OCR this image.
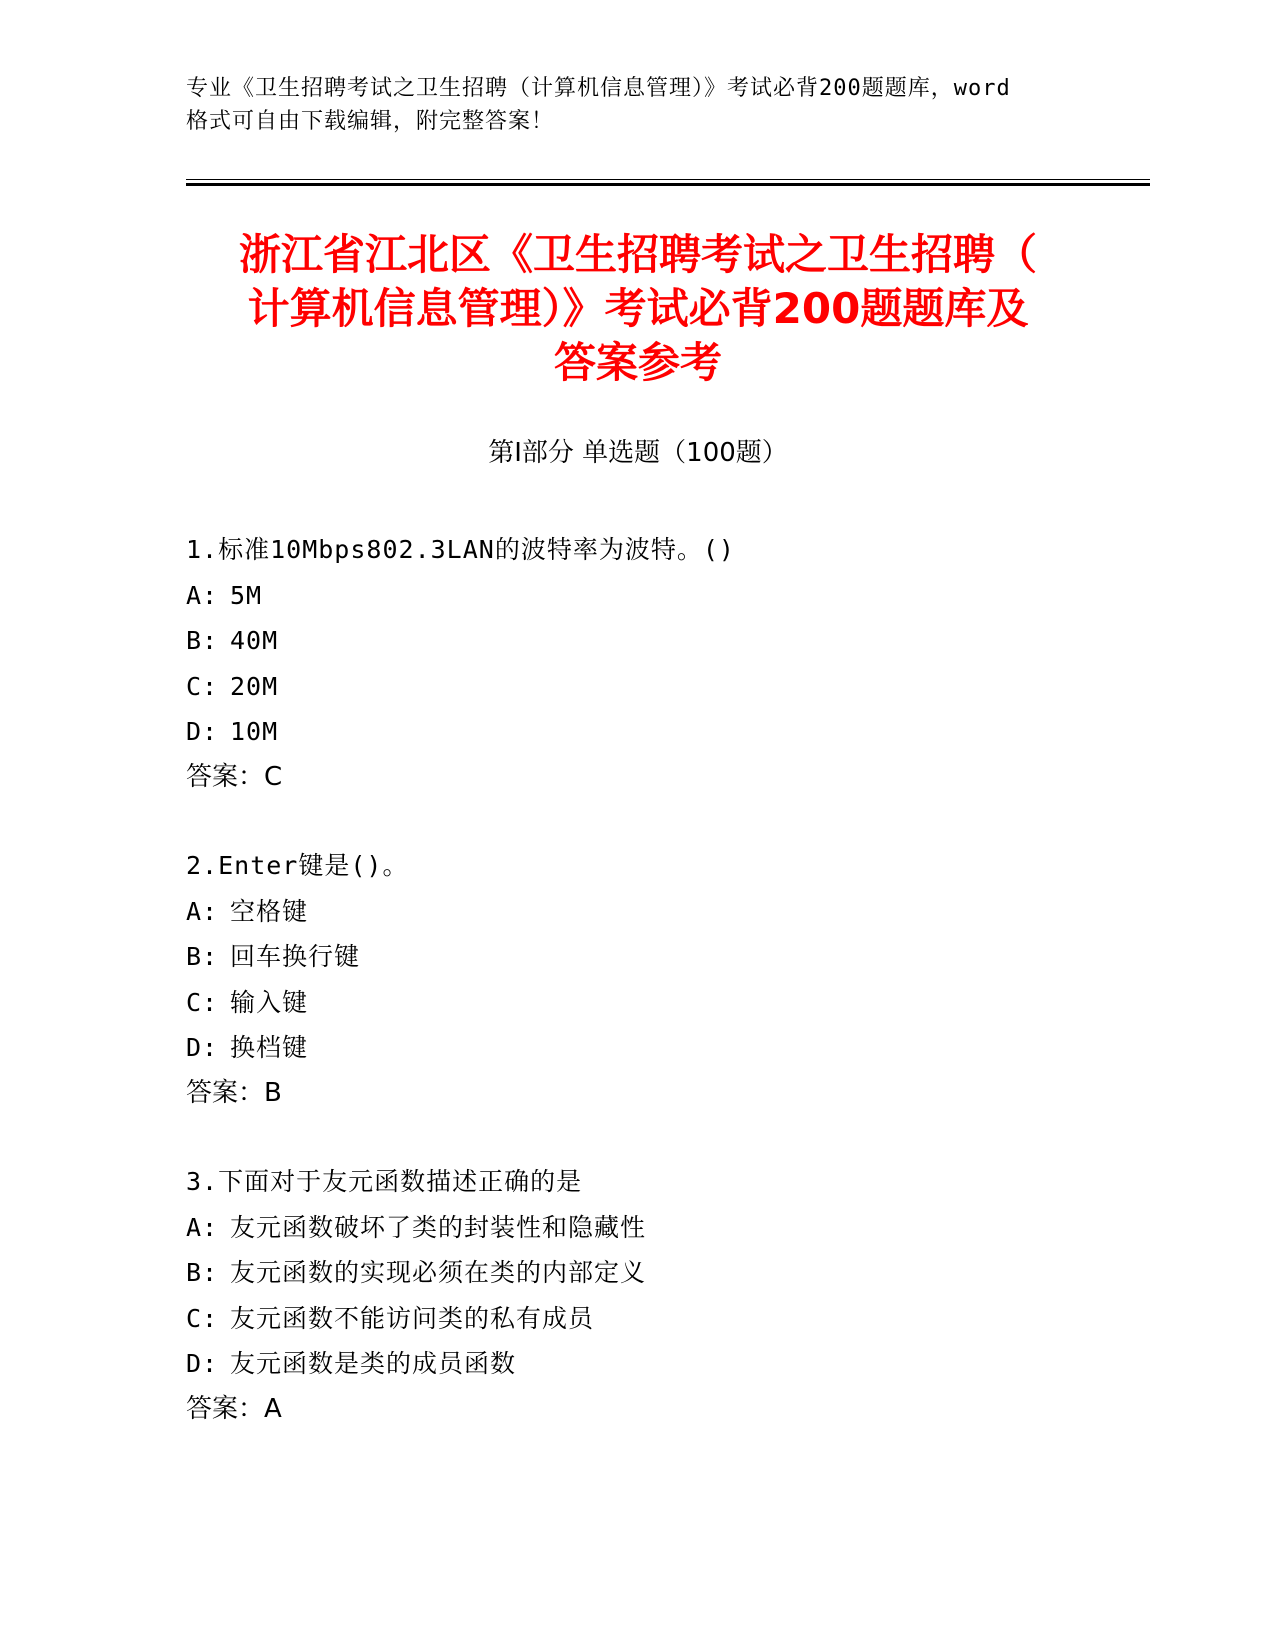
专业《卫生招聘考试之卫生招聘（计算机信息管理）》考试必背200题题库，word
格式可自由下载编辑，附完整答案！
浙江省江北区《卫生招聘考试之卫生招聘（
计算机信息管理）》考试必背200题题库及
答案参考
第Ⅰ部分 单选题（100题）
1.标准10Mbps802.3LAN的波特率为波特。()
A: 5M
B: 40M
C: 20M
D: 10M
答案：C
2.Enter键是()。
A: 空格键
B: 回车换行键
C: 输入键
D: 换档键
答案：B
3.下面对于友元函数描述正确的是
A: 友元函数破坏了类的封装性和隐藏性
B: 友元函数的实现必须在类的内部定义
C: 友元函数不能访问类的私有成员
D: 友元函数是类的成员函数
答案：A
